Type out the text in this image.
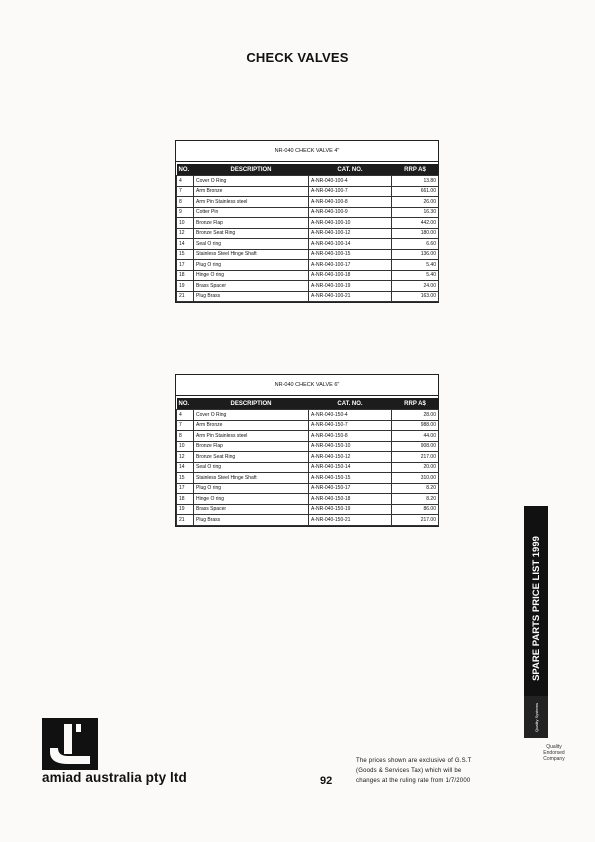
CHECK VALVES
NR-040 CHECK VALVE 4"
NO.	DESCRIPTION	CAT. NO.	RRP A$
4	Cover O Ring	A-NR-040-100-4	13.80
7	Arm Bronze	A-NR-040-100-7	661.00
8	Arm Pin Stainless steel	A-NR-040-100-8	26.00
9	Cotter Pin	A-NR-040-100-9	16.30
10	Bronze Flap	A-NR-040-100-10	442.00
12	Bronze Seat Ring	A-NR-040-100-12	180.00
14	Seal O ring	A-NR-040-100-14	6.60
15	Stainless Steel Hinge Shaft	A-NR-040-100-15	136.00
17	Plug O ring	A-NR-040-100-17	5.40
18	Hinge O ring	A-NR-040-100-18	5.40
19	Brass Spacer	A-NR-040-100-19	24.00
21	Plug Brass	A-NR-040-100-21	163.00
NR-040 CHECK VALVE 6"
NO.	DESCRIPTION	CAT. NO.	RRP A$
4	Cover O Ring	A-NR-040-150-4	28.00
7	Arm Bronze	A-NR-040-150-7	988.00
8	Arm Pin Stainless steel	A-NR-040-150-8	44.00
10	Bronze Flap	A-NR-040-150-10	908.00
12	Bronze Seat Ring	A-NR-040-150-12	217.00
14	Seal O ring	A-NR-040-150-14	20.00
15	Stainless Steel Hinge Shaft	A-NR-040-150-15	310.00
17	Plug O ring	A-NR-040-150-17	8.20
18	Hinge O ring	A-NR-040-150-18	8.20
19	Brass Spacer	A-NR-040-150-19	86.00
21	Plug Brass	A-NR-040-150-21	217.00
SPARE PARTS PRICE LIST 1999
Quality Systems
Quality
Endorsed
Company
amiad australia pty ltd	92
The prices shown are exclusive of G.S.T
(Goods & Services Tax) which will be
changes at the ruling rate from 1/7/2000
